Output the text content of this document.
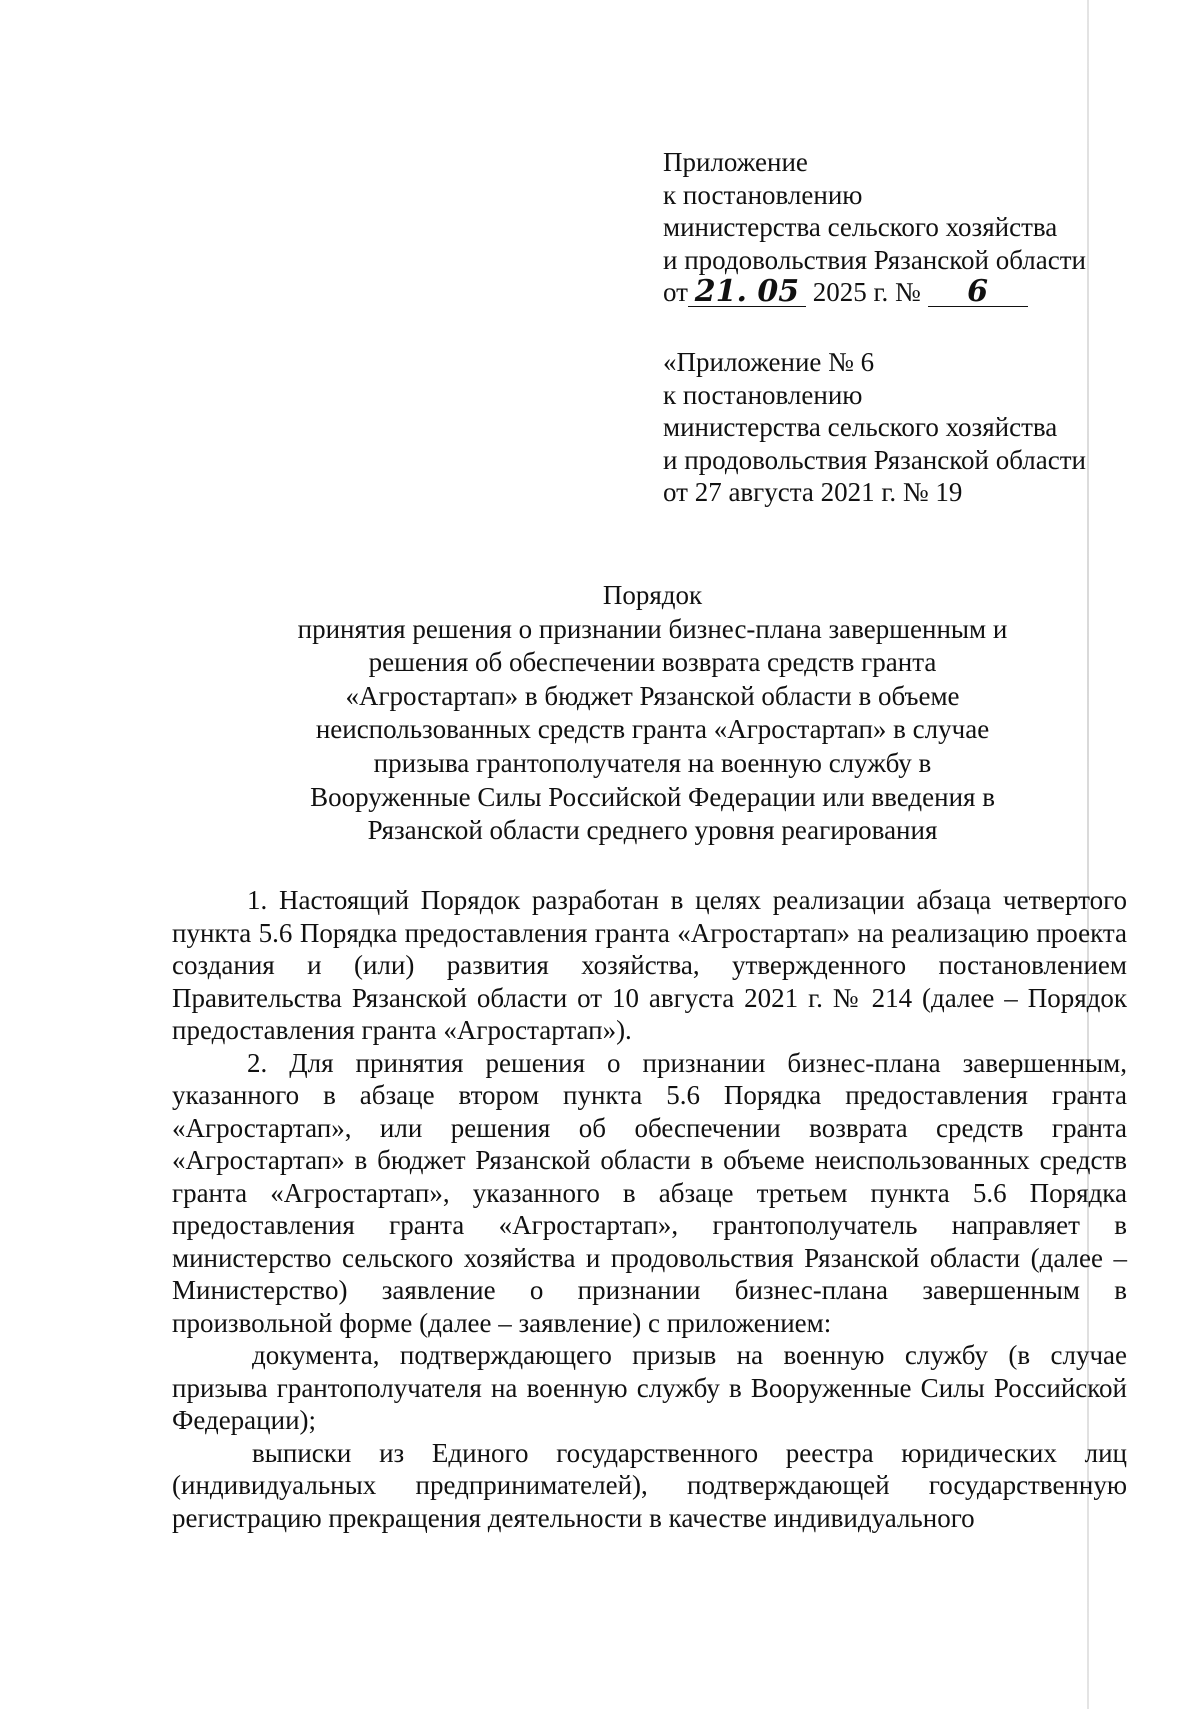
Приложение
к постановлению
министерства сельского хозяйства
и продовольствия Рязанской области
от 21. 05 2025 г. № 6
«Приложение № 6
к постановлению
министерства сельского хозяйства
и продовольствия Рязанской области
от 27 августа 2021 г. № 19
Порядок
принятия решения о признании бизнес-плана завершенным и
решения об обеспечении возврата средств гранта
«Агростартап» в бюджет Рязанской области в объеме
неиспользованных средств гранта «Агростартап» в случае
призыва грантополучателя на военную службу в
Вооруженные Силы Российской Федерации или введения в
Рязанской области среднего уровня реагирования

1. Настоящий Порядок разработан в целях реализации абзаца четвертого пункта 5.6 Порядка предоставления гранта «Агростартап» на реализацию проекта создания и (или) развития хозяйства, утвержденного постановлением Правительства Рязанской области от 10 августа 2021 г. № 214 (далее – Порядок предоставления гранта «Агростартап»).

2. Для принятия решения о признании бизнес-плана завершенным, указанного в абзаце втором пункта 5.6 Порядка предоставления гранта «Агростартап», или решения об обеспечении возврата средств гранта «Агростартап» в бюджет Рязанской области в объеме неиспользованных средств гранта «Агростартап», указанного в абзаце третьем пункта 5.6 Порядка предоставления гранта «Агростартап», грантополучатель направляет в министерство сельского хозяйства и продовольствия Рязанской области (далее – Министерство) заявление о признании бизнес-плана завершенным в произвольной форме (далее – заявление) с приложением:

документа, подтверждающего призыв на военную службу (в случае призыва грантополучателя на военную службу в Вооруженные Силы Российской Федерации);

выписки из Единого государственного реестра юридических лиц (индивидуальных предпринимателей), подтверждающей государственную регистрацию прекращения деятельности в качестве индивидуального
